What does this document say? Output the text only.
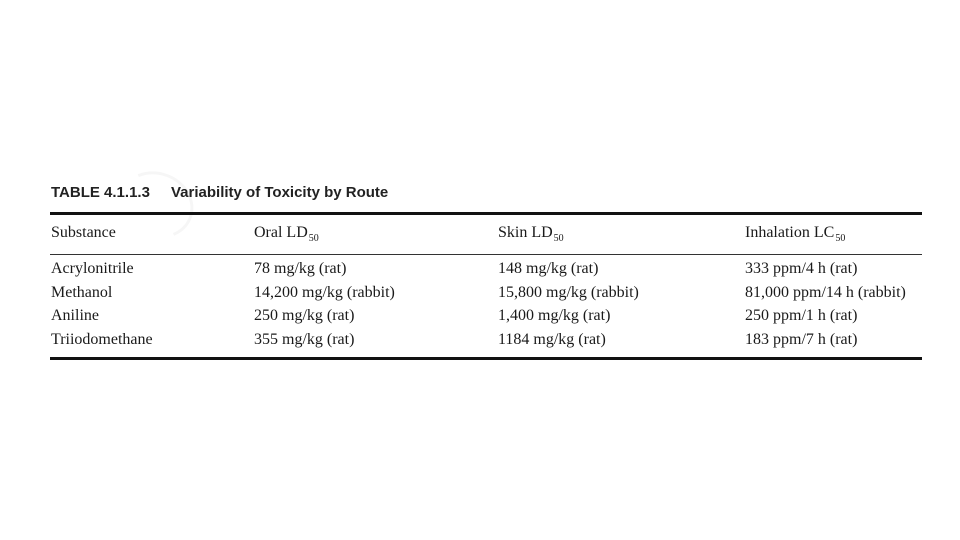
TABLE 4.1.1.3 Variability of Toxicity by Route
Substance	Oral $LD_{50}$	Skin $LD_{50}$	Inhalation $LC_{50}$
Acrylonitrile	78 mg/kg (rat)	148 mg/kg (rat)	333 ppm/4 h (rat)
Methanol	14,200 mg/kg (rabbit)	15,800 mg/kg (rabbit)	81,000 ppm/14 h (rabbit)
Aniline	250 mg/kg (rat)	1,400 mg/kg (rat)	250 ppm/1 h (rat)
Triiodomethane	355 mg/kg (rat)	1184 mg/kg (rat)	183 ppm/7 h (rat)
